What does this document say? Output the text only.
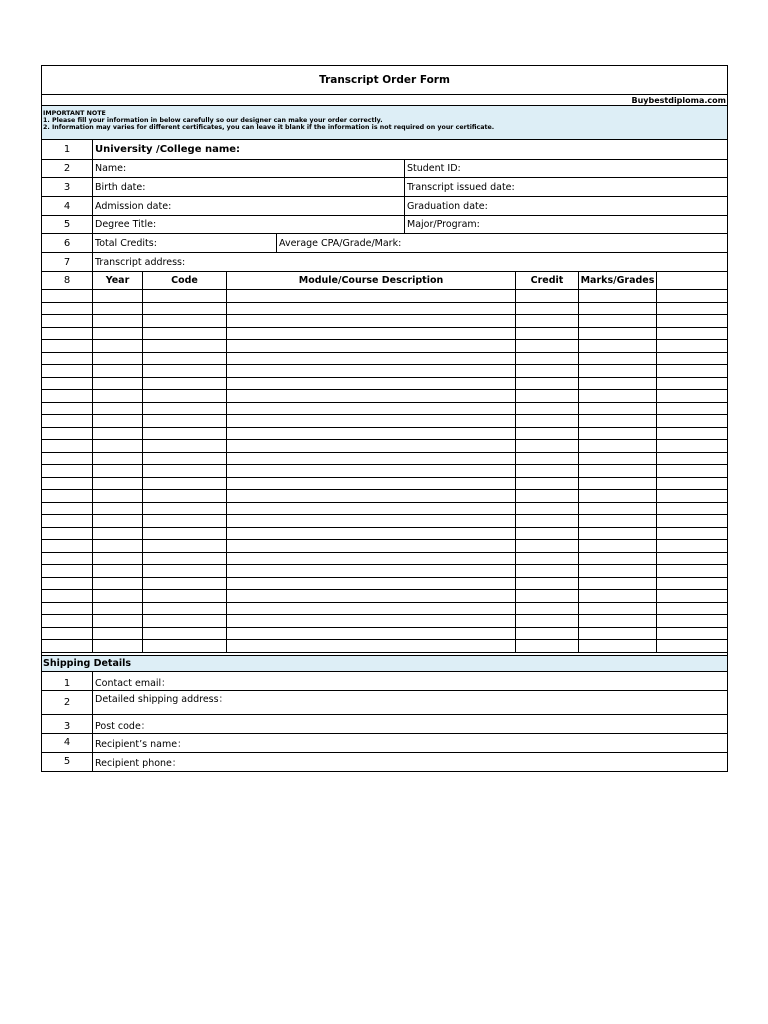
Transcript Order Form
Buybestdiploma.com
IMPORTANT NOTE
1. Please fill your information in below carefully so our designer can make your order correctly.
2. Information may varies for different certificates, you can leave it blank if the information is not required on your certificate.
1	University /College name:
2	Name:	Student ID:
3	Birth date:	Transcript issued date:
4	Admission date:	Graduation date:
5	Degree Title:	Major/Program:
6	Total Credits:	Average CPA/Grade/Mark:
7	Transcript address:
8	Year	Code	Module/Course Description	Credit	Marks/Grades
Shipping Details
1	Contact email：
2	Detailed shipping address：
3	Post code：
4	Recipient’s name：
5	Recipient phone：
